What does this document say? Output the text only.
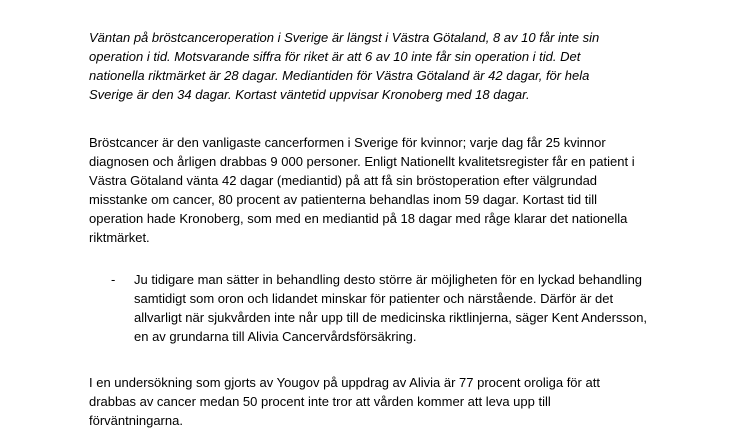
Väntan på bröstcanceroperation i Sverige är längst i Västra Götaland, 8 av 10 får inte sin operation i tid. Motsvarande siffra för riket är att 6 av 10 inte får sin operation i tid. Det nationella riktmärket är 28 dagar. Mediantiden för Västra Götaland är 42 dagar, för hela Sverige är den 34 dagar. Kortast väntetid uppvisar Kronoberg med 18 dagar.

Bröstcancer är den vanligaste cancerformen i Sverige för kvinnor; varje dag får 25 kvinnor diagnosen och årligen drabbas 9 000 personer. Enligt Nationellt kvalitetsregister får en patient i Västra Götaland vänta 42 dagar (mediantid) på att få sin bröstoperation efter välgrundad misstanke om cancer, 80 procent av patienterna behandlas inom 59 dagar. Kortast tid till operation hade Kronoberg, som med en mediantid på 18 dagar med råge klarar det nationella riktmärket.

- Ju tidigare man sätter in behandling desto större är möjligheten för en lyckad behandling samtidigt som oron och lidandet minskar för patienter och närstående. Därför är det allvarligt när sjukvården inte når upp till de medicinska riktlinjerna, säger Kent Andersson, en av grundarna till Alivia Cancervårdsförsäkring.

I en undersökning som gjorts av Yougov på uppdrag av Alivia är 77 procent oroliga för att drabbas av cancer medan 50 procent inte tror att vården kommer att leva upp till förväntningarna.
